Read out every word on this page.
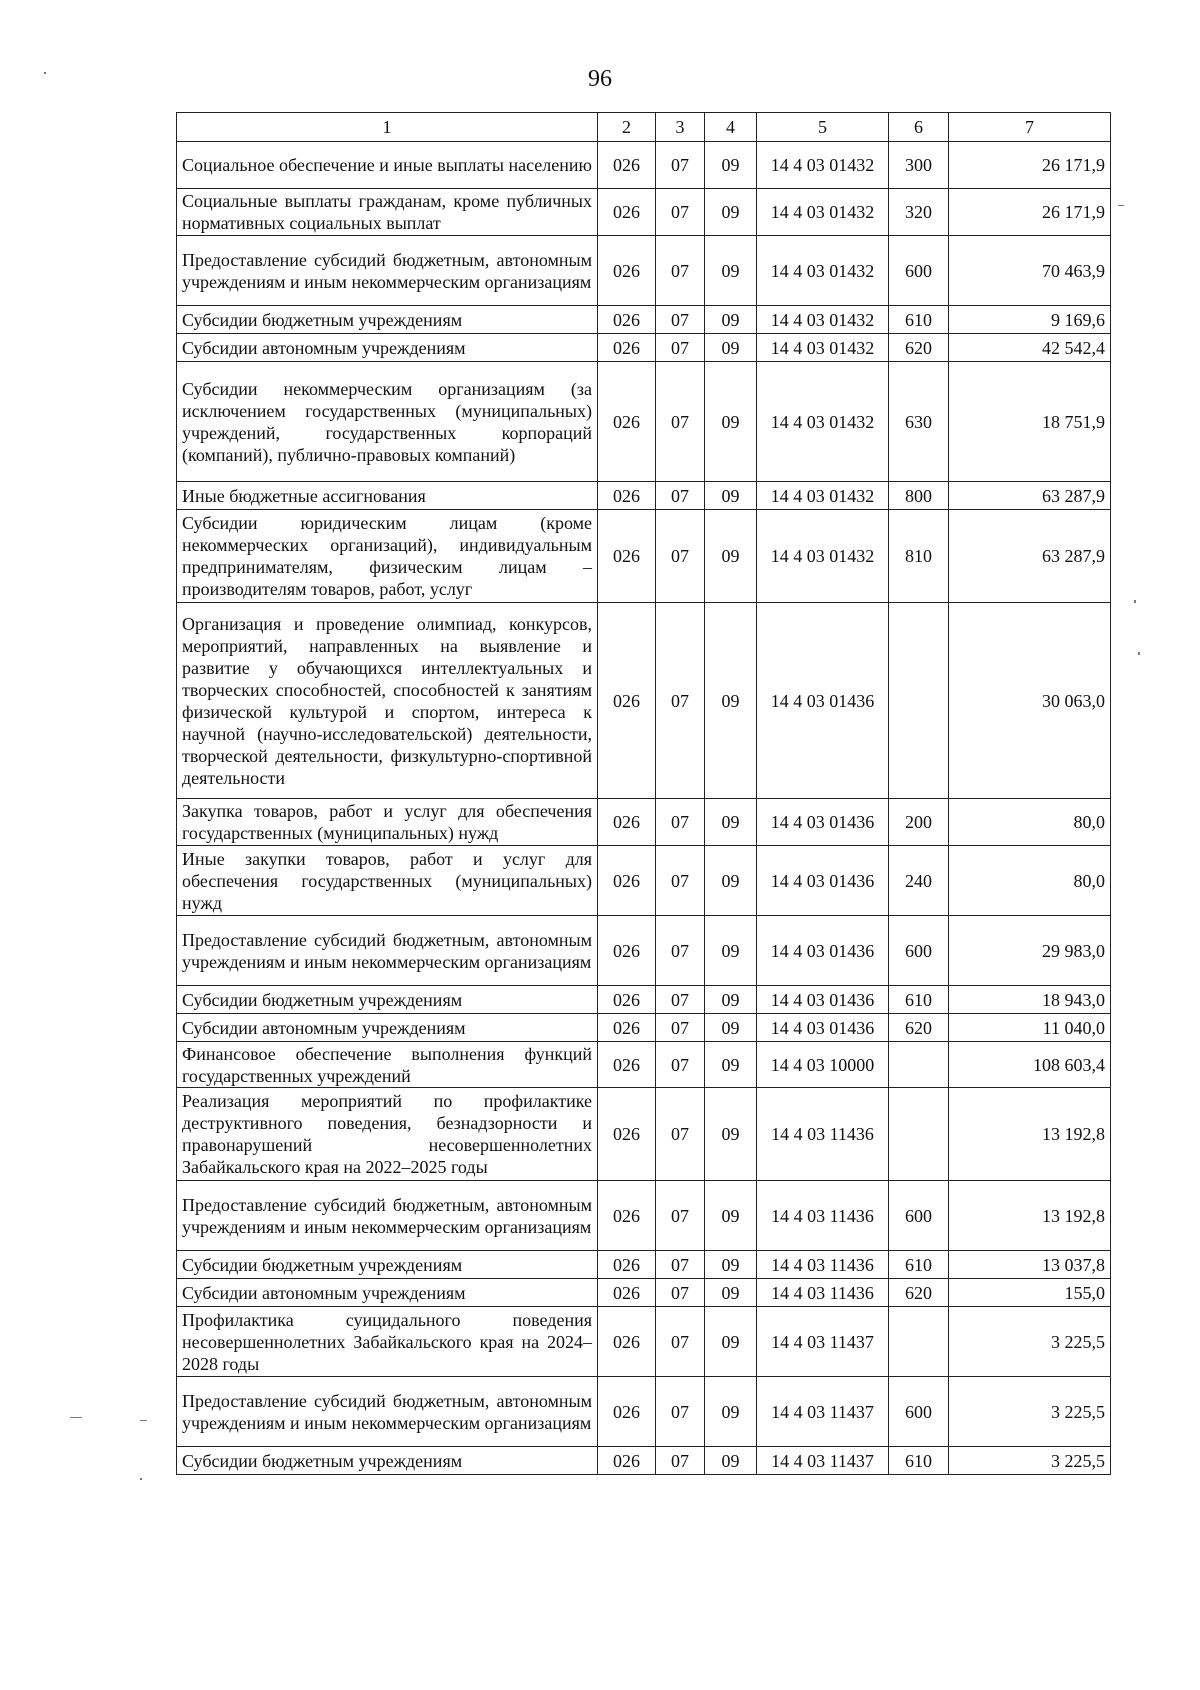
96
1	2	3	4	5	6	7
Социальное обеспечение и иные выплаты населению	026	07	09	14 4 03 01432	300	26 171,9
Социальные выплаты гражданам, кроме публичных нормативных социальных выплат	026	07	09	14 4 03 01432	320	26 171,9
Предоставление субсидий бюджетным, автономным учреждениям и иным некоммерческим организациям	026	07	09	14 4 03 01432	600	70 463,9
Субсидии бюджетным учреждениям	026	07	09	14 4 03 01432	610	9 169,6
Субсидии автономным учреждениям	026	07	09	14 4 03 01432	620	42 542,4
Субсидии некоммерческим организациям (за исключением государственных (муниципальных) учреждений, государственных корпораций (компаний), публично-правовых компаний)	026	07	09	14 4 03 01432	630	18 751,9
Иные бюджетные ассигнования	026	07	09	14 4 03 01432	800	63 287,9
Субсидии юридическим лицам (кроме некоммерческих организаций), индивидуальным предпринимателям, физическим лицам – производителям товаров, работ, услуг	026	07	09	14 4 03 01432	810	63 287,9
Организация и проведение олимпиад, конкурсов, мероприятий, направленных на выявление и развитие у обучающихся интеллектуальных и творческих способностей, способностей к занятиям физической культурой и спортом, интереса к научной (научно-исследовательской) деятельности, творческой деятельности, физкультурно-спортивной деятельности	026	07	09	14 4 03 01436		30 063,0
Закупка товаров, работ и услуг для обеспечения государственных (муниципальных) нужд	026	07	09	14 4 03 01436	200	80,0
Иные закупки товаров, работ и услуг для обеспечения государственных (муниципальных) нужд	026	07	09	14 4 03 01436	240	80,0
Предоставление субсидий бюджетным, автономным учреждениям и иным некоммерческим организациям	026	07	09	14 4 03 01436	600	29 983,0
Субсидии бюджетным учреждениям	026	07	09	14 4 03 01436	610	18 943,0
Субсидии автономным учреждениям	026	07	09	14 4 03 01436	620	11 040,0
Финансовое обеспечение выполнения функций государственных учреждений	026	07	09	14 4 03 10000		108 603,4
Реализация мероприятий по профилактике деструктивного поведения, безнадзорности и правонарушений несовершеннолетних Забайкальского края на 2022–2025 годы	026	07	09	14 4 03 11436		13 192,8
Предоставление субсидий бюджетным, автономным учреждениям и иным некоммерческим организациям	026	07	09	14 4 03 11436	600	13 192,8
Субсидии бюджетным учреждениям	026	07	09	14 4 03 11436	610	13 037,8
Субсидии автономным учреждениям	026	07	09	14 4 03 11436	620	155,0
Профилактика суицидального поведения несовершеннолетних Забайкальского края на 2024–2028 годы	026	07	09	14 4 03 11437		3 225,5
Предоставление субсидий бюджетным, автономным учреждениям и иным некоммерческим организациям	026	07	09	14 4 03 11437	600	3 225,5
Субсидии бюджетным учреждениям	026	07	09	14 4 03 11437	610	3 225,5
